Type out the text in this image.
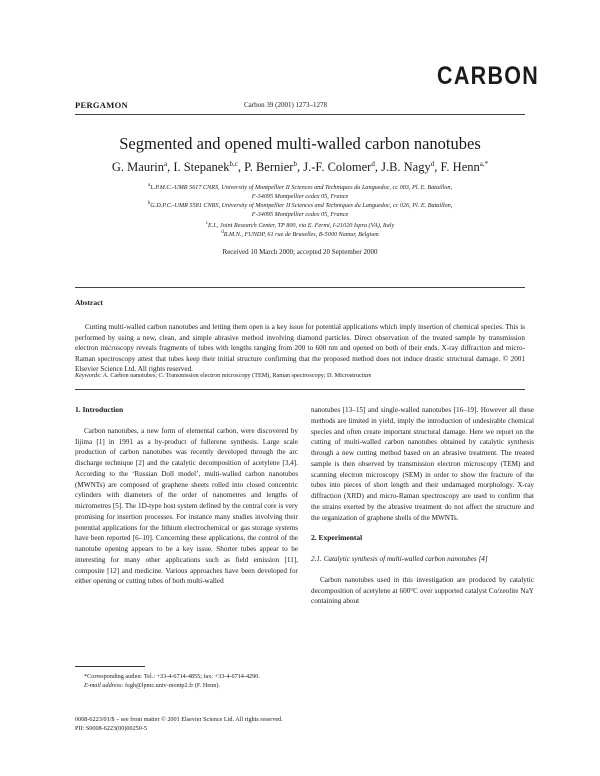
CARBON
PERGAMON	Carbon 39 (2001) 1273–1278
Segmented and opened multi-walled carbon nanotubes
G. Maurin$^a$, I. Stepanek$^{b,c}$, P. Bernier$^b$, J.-F. Colomer$^d$, J.B. Nagy$^d$, F. Henn$^{a,*}$
$^a$L.P.M.C.-UMR 5617 CNRS, University of Montpellier II Sciences and Techniques du Languedoc, cc 003, Pl. E. Bataillon,
F-34095 Montpellier cedex 05, France
$^b$G.D.P.C.-UMR 5581 CNRS, University of Montpellier II Sciences and Techniques du Languedoc, cc 026, Pl. E. Bataillon,
F-34095 Montpellier cedex 05, France
$^c$E.I., Joint Research Center, TP 800, via E. Fermi, I-21020 Ispra (VA), Italy
$^d$R.M.N., FUNDP, 61 rue de Bruxelles, B-5000 Namur, Belgium
Received 10 March 2000; accepted 20 September 2000
Abstract
Cutting multi-walled carbon nanotubes and letting them open is a key issue for potential applications which imply insertion of chemical species. This is performed by using a new, clean, and simple abrasive method involving diamond particles. Direct observation of the treated sample by transmission electron microscopy reveals fragments of tubes with lengths ranging from 200 to 600 nm and opened on both of their ends. X-ray diffraction and micro-Raman spectroscopy attest that tubes keep their initial structure confirming that the proposed method does not induce drastic structural damage. © 2001 Elsevier Science Ltd. All rights reserved.
Keywords: A. Carbon nanotubes; C. Transmission electron microscopy (TEM), Raman spectroscopy; D. Microstructure
1. Introduction

Carbon nanotubes, a new form of elemental carbon, were discovered by Iijima [1] in 1991 as a by-product of fullerene synthesis. Large scale production of carbon nanotubes was recently developed through the arc discharge technique [2] and the catalytic decomposition of acetylene [3,4]. According to the ‘Russian Doll model’, multi-walled carbon nanotubes (MWNTs) are composed of graphene sheets rolled into closed concentric cylinders with diameters of the order of nanometres and lengths of micrometres [5]. The 1D-type host system defined by the central core is very promising for insertion processes. For instance many studies involving their potential applications for the lithium electrochemical or gas storage systems have been reported [6–10]. Concerning these applications, the control of the nanotube opening appears to be a key issue. Shorter tubes appear to be interesting for many other applications such as field emission [11], composite [12] and medicine. Various approaches have been developed for either opening or cutting tubes of both multi-walled

nanotubes [13–15] and single-walled nanotubes [16–19]. However all these methods are limited in yield, imply the introduction of undesirable chemical species and often create important structural damage. Here we report on the cutting of multi-walled carbon nanotubes obtained by catalytic synthesis through a new cutting method based on an abrasive treatment. The treated sample is then observed by transmission electron microscopy (TEM) and scanning electron microscopy (SEM) in order to show the fracture of the tubes into pieces of short length and their undamaged morphology. X-ray diffraction (XRD) and micro-Raman spectroscopy are used to confirm that the strains exerted by the abrasive treatment do not affect the structure and the organization of graphene shells of the MWNTs.

2. Experimental
2.1. Catalytic synthesis of multi-walled carbon nanotubes [4]

Carbon nanotubes used in this investigation are produced by catalytic decomposition of acetylene at 600°C over supported catalyst Co/zeolite NaY containing about

*Corresponding author. Tel.: +33-4-6714-4855; fax: +33-4-6714-4290.

E-mail address: fegh@lpmc.univ-montp2.fr (F. Henn).

0008-6223/01/$ – see front matter © 2001 Elsevier Science Ltd. All rights reserved.
PII: S0008-6223(00)00250-5
